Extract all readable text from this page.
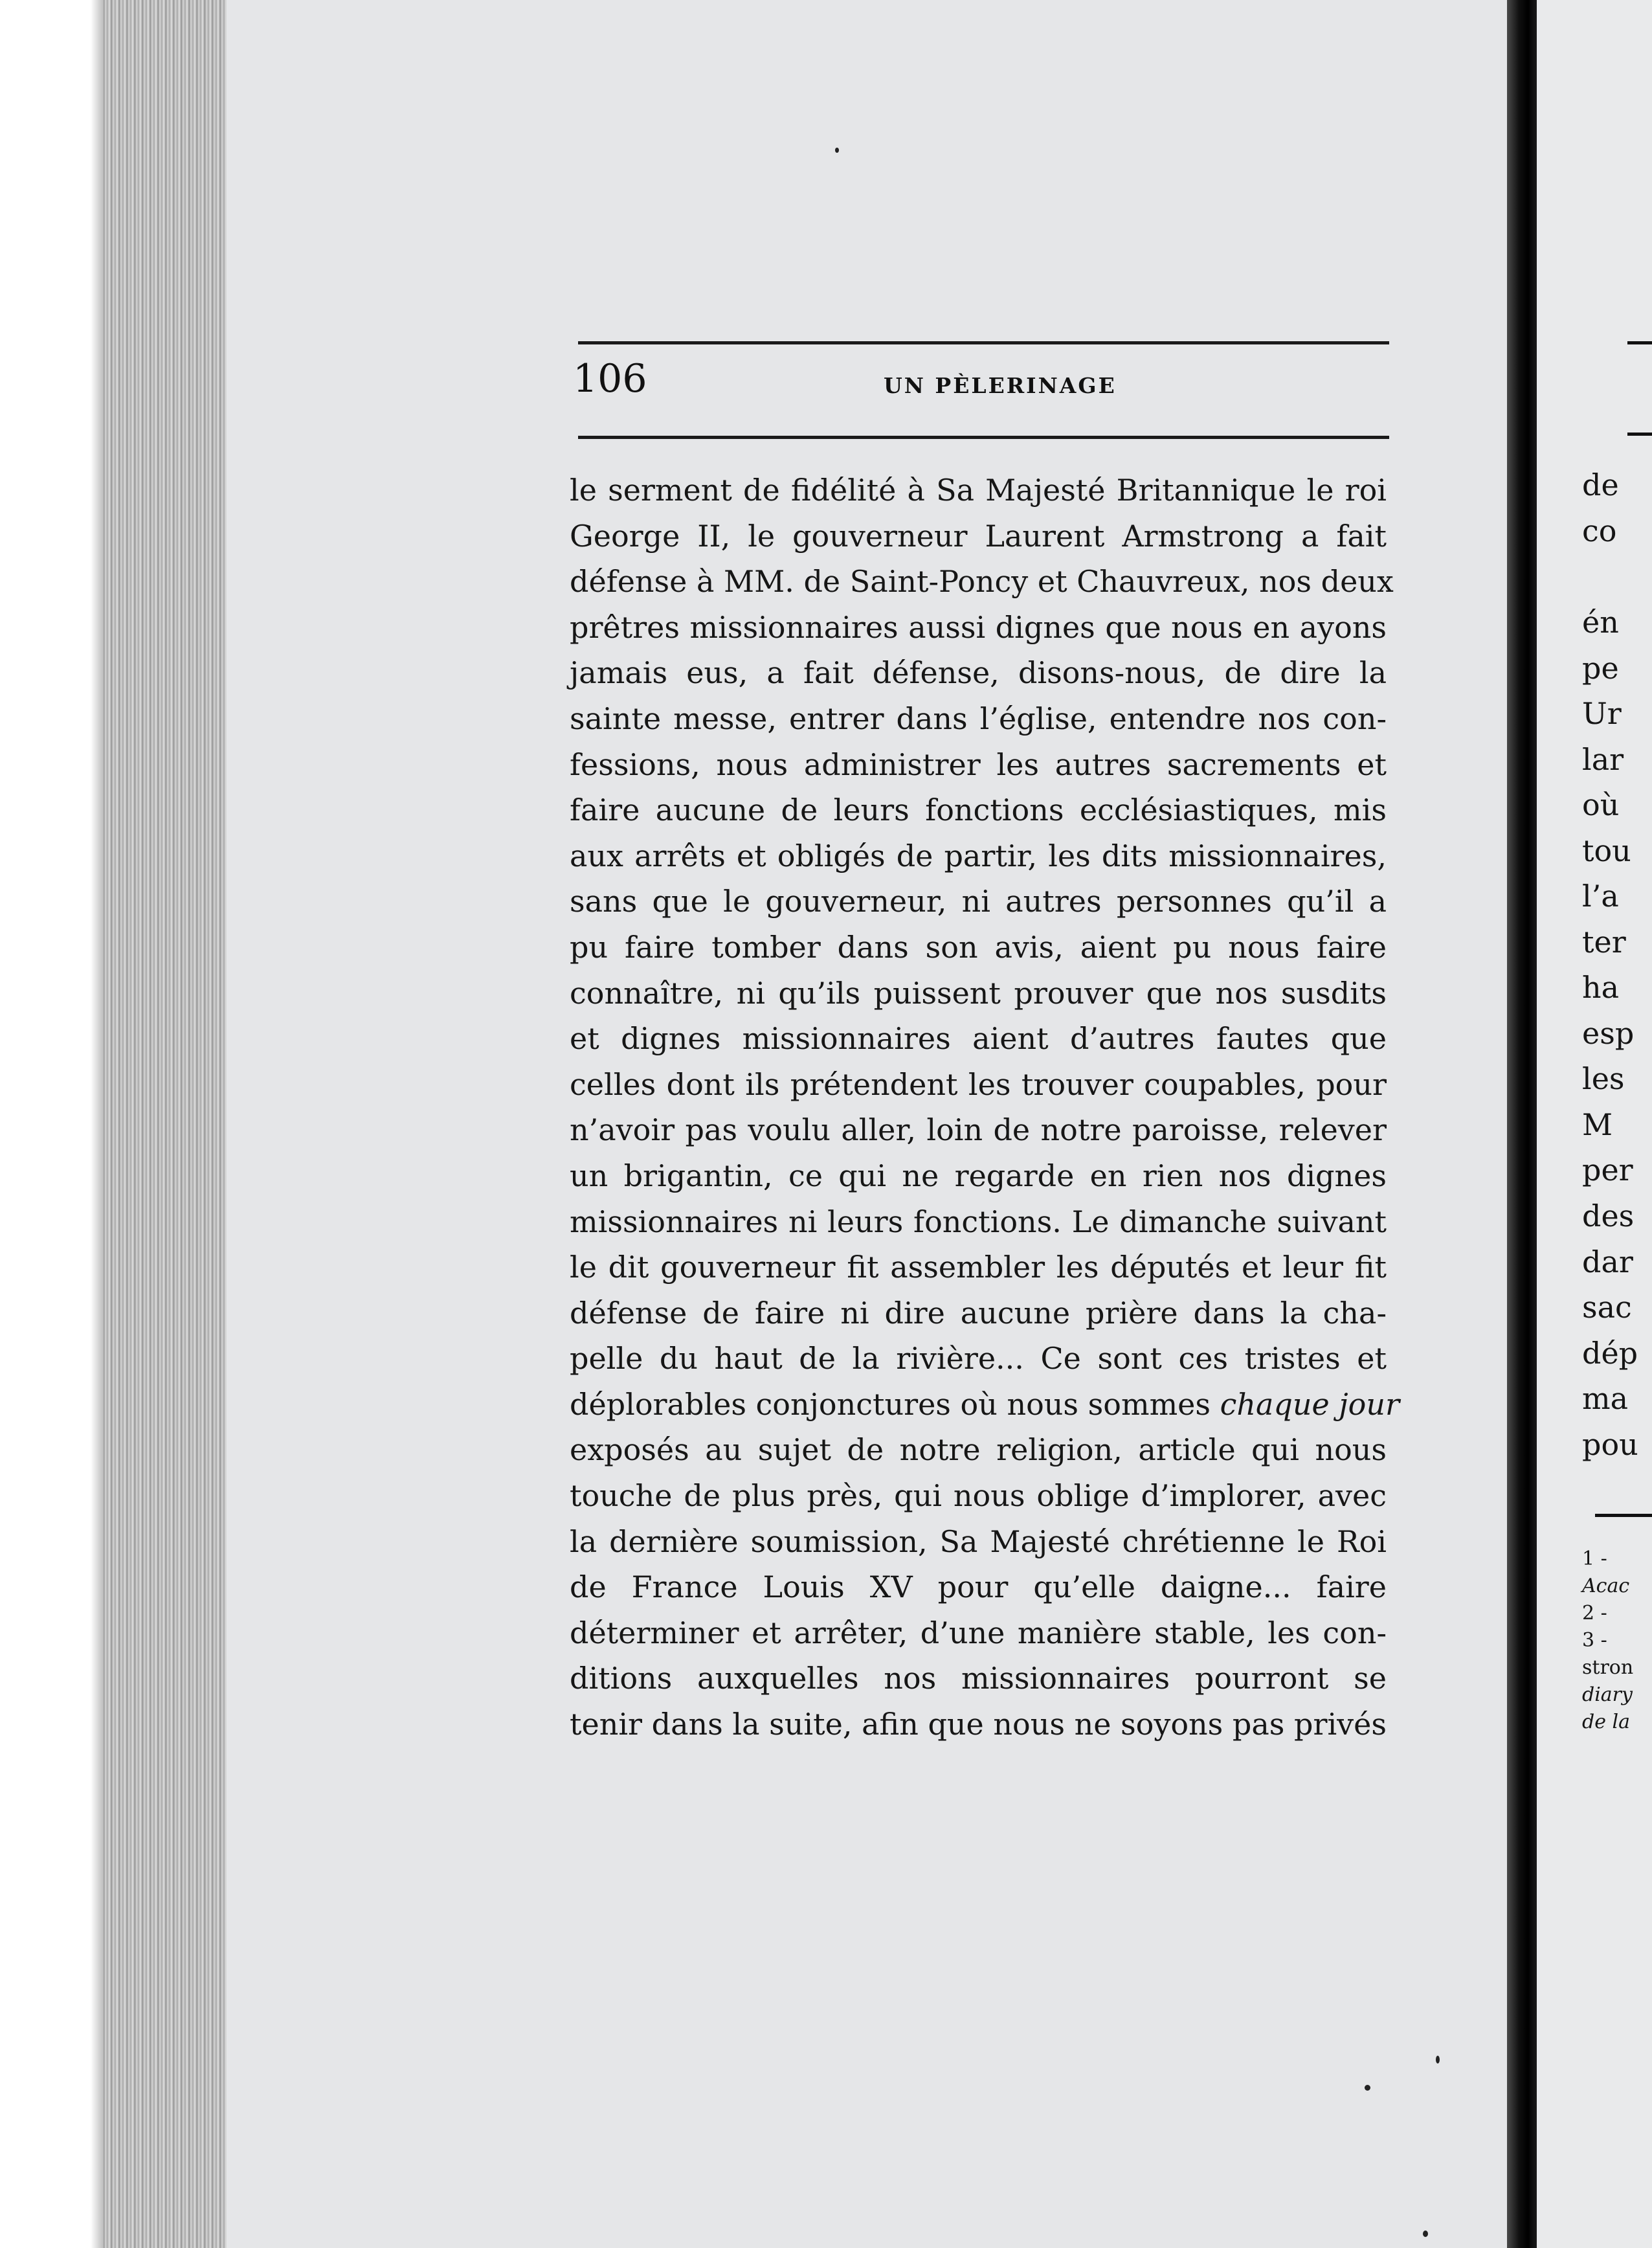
106	UN PÈLERINAGE
le serment de fidélité à Sa Majesté Britannique le roi
George II, le gouverneur Laurent Armstrong a fait
défense à MM. de Saint-Poncy et Chauvreux, nos deux
prêtres missionnaires aussi dignes que nous en ayons
jamais eus, a fait défense, disons-nous, de dire la
sainte messe, entrer dans l’église, entendre nos con-
fessions, nous administrer les autres sacrements et
faire aucune de leurs fonctions ecclésiastiques, mis
aux arrêts et obligés de partir, les dits missionnaires,
sans que le gouverneur, ni autres personnes qu’il a
pu faire tomber dans son avis, aient pu nous faire
connaître, ni qu’ils puissent prouver que nos susdits
et dignes missionnaires aient d’autres fautes que
celles dont ils prétendent les trouver coupables, pour
n’avoir pas voulu aller, loin de notre paroisse, relever
un brigantin, ce qui ne regarde en rien nos dignes
missionnaires ni leurs fonctions. Le dimanche suivant
le dit gouverneur fit assembler les députés et leur fit
défense de faire ni dire aucune prière dans la cha-
pelle du haut de la rivière... Ce sont ces tristes et
déplorables conjonctures où nous sommes chaque jour
exposés au sujet de notre religion, article qui nous
touche de plus près, qui nous oblige d’implorer, avec
la dernière soumission, Sa Majesté chrétienne le Roi
de France Louis XV pour qu’elle daigne... faire
déterminer et arrêter, d’une manière stable, les con-
ditions auxquelles nos missionnaires pourront se
tenir dans la suite, afin que nous ne soyons pas privés
de
co
én
pe
Ur
lar
où
tou
l’a
ter
ha
esp
les
M
per
des
dar
sac
dép
ma
pou
1 -
Acac
2 -
3 -
stron
diary
de la
